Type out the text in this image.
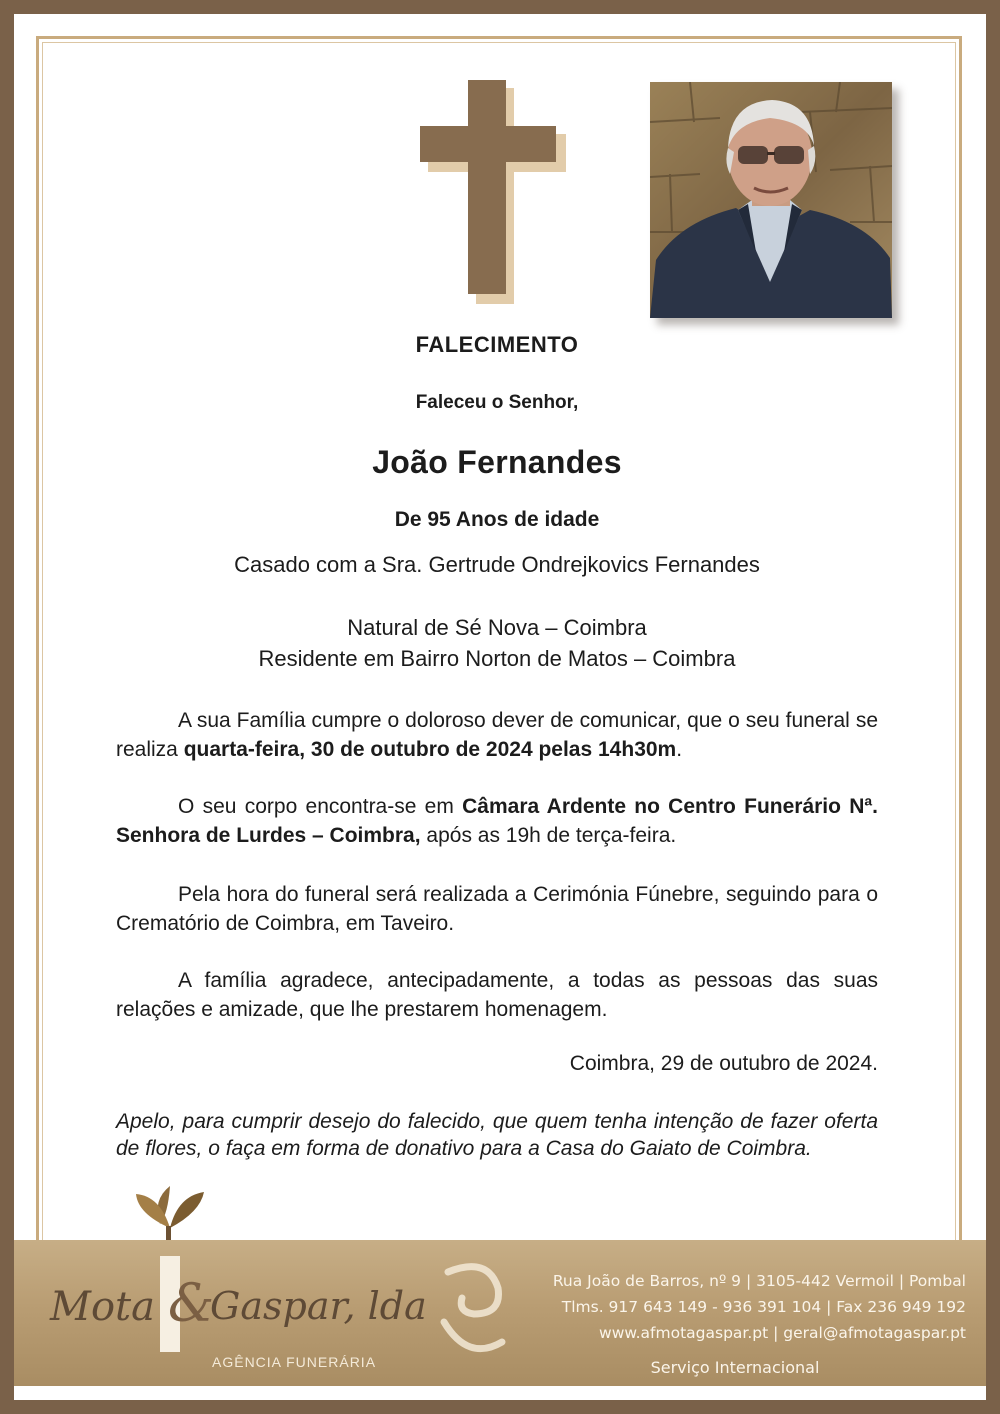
FALECIMENTO
Faleceu o Senhor,
João Fernandes
De 95 Anos de idade
Casado com a Sra. Gertrude Ondrejkovics Fernandes
Natural de Sé Nova – Coimbra
Residente em Bairro Norton de Matos – Coimbra
A sua Família cumpre o doloroso dever de comunicar, que o seu funeral se realiza quarta-feira, 30 de outubro de 2024 pelas 14h30m.
O seu corpo encontra-se em Câmara Ardente no Centro Funerário Nª. Senhora de Lurdes – Coimbra, após as 19h de terça-feira.
Pela hora do funeral será realizada a Cerimónia Fúnebre, seguindo para o Crematório de Coimbra, em Taveiro.
A família agradece, antecipadamente, a todas as pessoas das suas relações e amizade, que lhe prestarem homenagem.
Coimbra, 29 de outubro de 2024.
Apelo, para cumprir desejo do falecido, que quem tenha intenção de fazer oferta de flores, o faça em forma de donativo para a Casa do Gaiato de Coimbra.
Mota &
Gaspar, lda
AGÊNCIA FUNERÁRIA
Rua João de Barros, nº 9 | 3105-442 Vermoil | Pombal
Tlms. 917 643 149 - 936 391 104 | Fax 236 949 192
www.afmotagaspar.pt | geral@afmotagaspar.pt
Serviço Internacional
